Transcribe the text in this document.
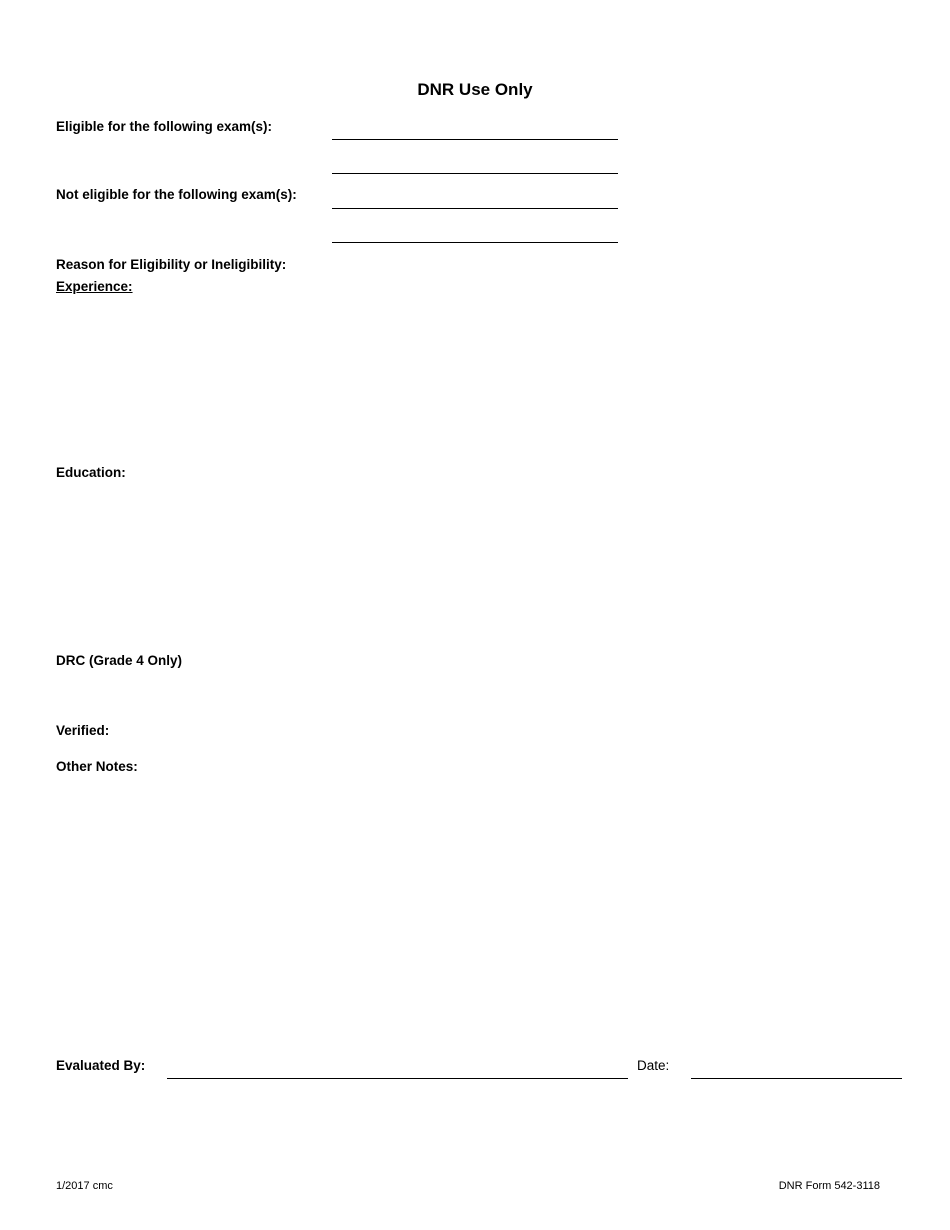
DNR Use Only
Eligible for the following exam(s):
Not eligible for the following exam(s):
Reason for Eligibility or Ineligibility:
Experience:
Education:
DRC (Grade 4 Only)
Verified:
Other Notes:
Evaluated By:	Date:
1/2017 cmc	DNR Form 542-3118
